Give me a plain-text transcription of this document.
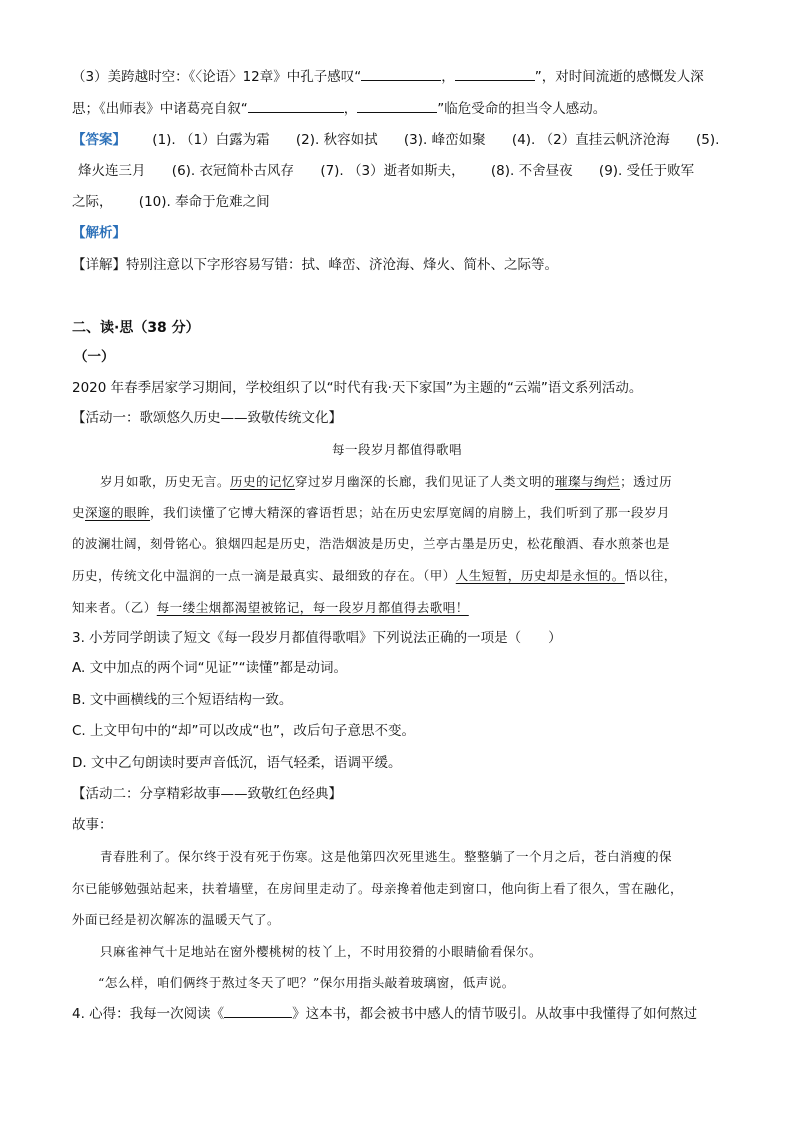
（3）美跨越时空：《〈论语〉12章》中孔子感叹“	，	”，对时间流逝的感慨发人深
思；《出师表》中诸葛亮自叙“	，	”临危受命的担当令人感动。
【答案】 (1). （1）白露为霜 (2). 秋容如拭 (3). 峰峦如聚 (4). （2）直挂云帆济沧海 (5).
烽火连三月 (6). 衣冠简朴古风存 (7). （3）逝者如斯夫， (8). 不舍昼夜 (9). 受任于败军
之际， (10). 奉命于危难之间
【解析】
【详解】特别注意以下字形容易写错：拭、峰峦、济沧海、烽火、简朴、之际等。
二、读·思（38 分）
（一）
2020 年春季居家学习期间，学校组织了以“时代有我·天下家国”为主题的“云端”语文系列活动。
【活动一：歌颂悠久历史——致敬传统文化】
每一段岁月都值得歌唱
岁月如歌，历史无言。历史的记忆穿过岁月幽深的长廊，我们见证了人类文明的璀璨与绚烂；透过历
史深邃的眼眸，我们读懂了它博大精深的睿语哲思；站在历史宏厚宽阔的肩膀上，我们听到了那一段岁月
的波澜壮阔，刻骨铭心。狼烟四起是历史，浩浩烟波是历史，兰亭古墨是历史，松花酿酒、春水煎茶也是
历史，传统文化中温润的一点一滴是最真实、最细致的存在。（甲）人生短暂，历史却是永恒的。悟以往，
知来者。（乙）每一缕尘烟都渴望被铭记，每一段岁月都值得去歌唱！
3. 小芳同学朗读了短文《每一段岁月都值得歌唱》下列说法正确的一项是（　　）
A. 文中加点的两个词“见证”“读懂”都是动词。
B. 文中画横线的三个短语结构一致。
C. 上文甲句中的“却”可以改成“也”，改后句子意思不变。
D. 文中乙句朗读时要声音低沉，语气轻柔，语调平缓。
【活动二：分享精彩故事——致敬红色经典】
故事：
青春胜利了。保尔终于没有死于伤寒。这是他第四次死里逃生。整整躺了一个月之后，苍白消瘦的保
尔已能够勉强站起来，扶着墙壁，在房间里走动了。母亲搀着他走到窗口，他向街上看了很久，雪在融化，
外面已经是初次解冻的温暖天气了。
只麻雀神气十足地站在窗外樱桃树的枝丫上，不时用狡猾的小眼睛偷看保尔。
“怎么样，咱们俩终于熬过冬天了吧？”保尔用指头敲着玻璃窗，低声说。
4. 心得：我每一次阅读《	》这本书，都会被书中感人的情节吸引。从故事中我懂得了如何熬过
